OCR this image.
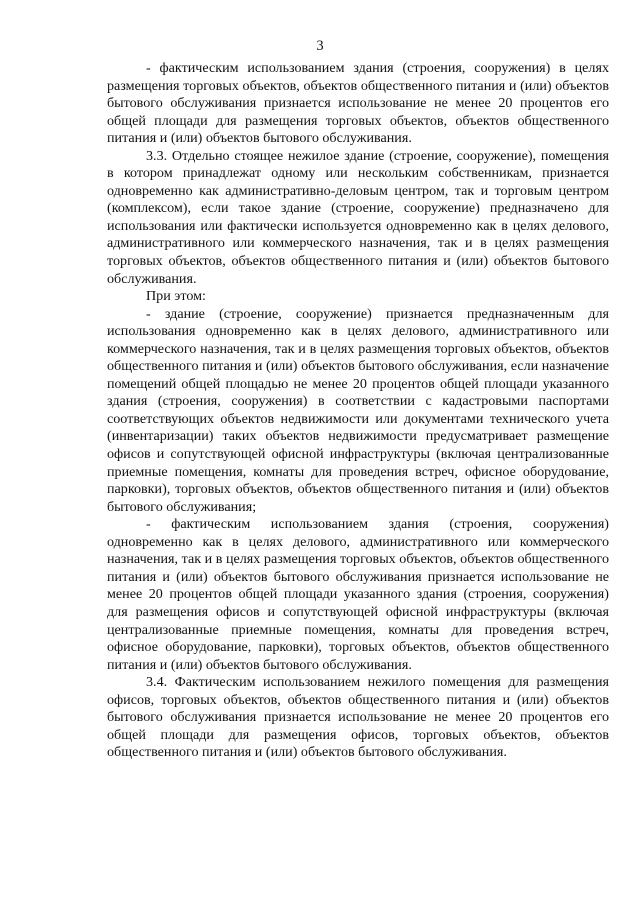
3

- фактическим использованием здания (строения, сооружения) в целях размещения торговых объектов, объектов общественного питания и (или) объектов бытового обслуживания признается использование не менее 20 процентов его общей площади для размещения торговых объектов, объектов общественного питания и (или) объектов бытового обслуживания.

3.3. Отдельно стоящее нежилое здание (строение, сооружение), помещения в котором принадлежат одному или нескольким собственникам, признается одновременно как административно-деловым центром, так и торговым центром (комплексом), если такое здание (строение, сооружение) предназначено для использования или фактически используется одновременно как в целях делового, административного или коммерческого назначения, так и в целях размещения торговых объектов, объектов общественного питания и (или) объектов бытового обслуживания.

При этом:

- здание (строение, сооружение) признается предназначенным для использования одновременно как в целях делового, административного или коммерческого назначения, так и в целях размещения торговых объектов, объектов общественного питания и (или) объектов бытового обслуживания, если назначение помещений общей площадью не менее 20 процентов общей площади указанного здания (строения, сооружения) в соответствии с кадастровыми паспортами соответствующих объектов недвижимости или документами технического учета (инвентаризации) таких объектов недвижимости предусматривает размещение офисов и сопутствующей офисной инфраструктуры (включая централизованные приемные помещения, комнаты для проведения встреч, офисное оборудование, парковки), торговых объектов, объектов общественного питания и (или) объектов бытового обслуживания;

- фактическим использованием здания (строения, сооружения) одновременно как в целях делового, административного или коммерческого назначения, так и в целях размещения торговых объектов, объектов общественного питания и (или) объектов бытового обслуживания признается использование не менее 20 процентов общей площади указанного здания (строения, сооружения) для размещения офисов и сопутствующей офисной инфраструктуры (включая централизованные приемные помещения, комнаты для проведения встреч, офисное оборудование, парковки), торговых объектов, объектов общественного питания и (или) объектов бытового обслуживания.

3.4. Фактическим использованием нежилого помещения для размещения офисов, торговых объектов, объектов общественного питания и (или) объектов бытового обслуживания признается использование не менее 20 процентов его общей площади для размещения офисов, торговых объектов, объектов общественного питания и (или) объектов бытового обслуживания.
